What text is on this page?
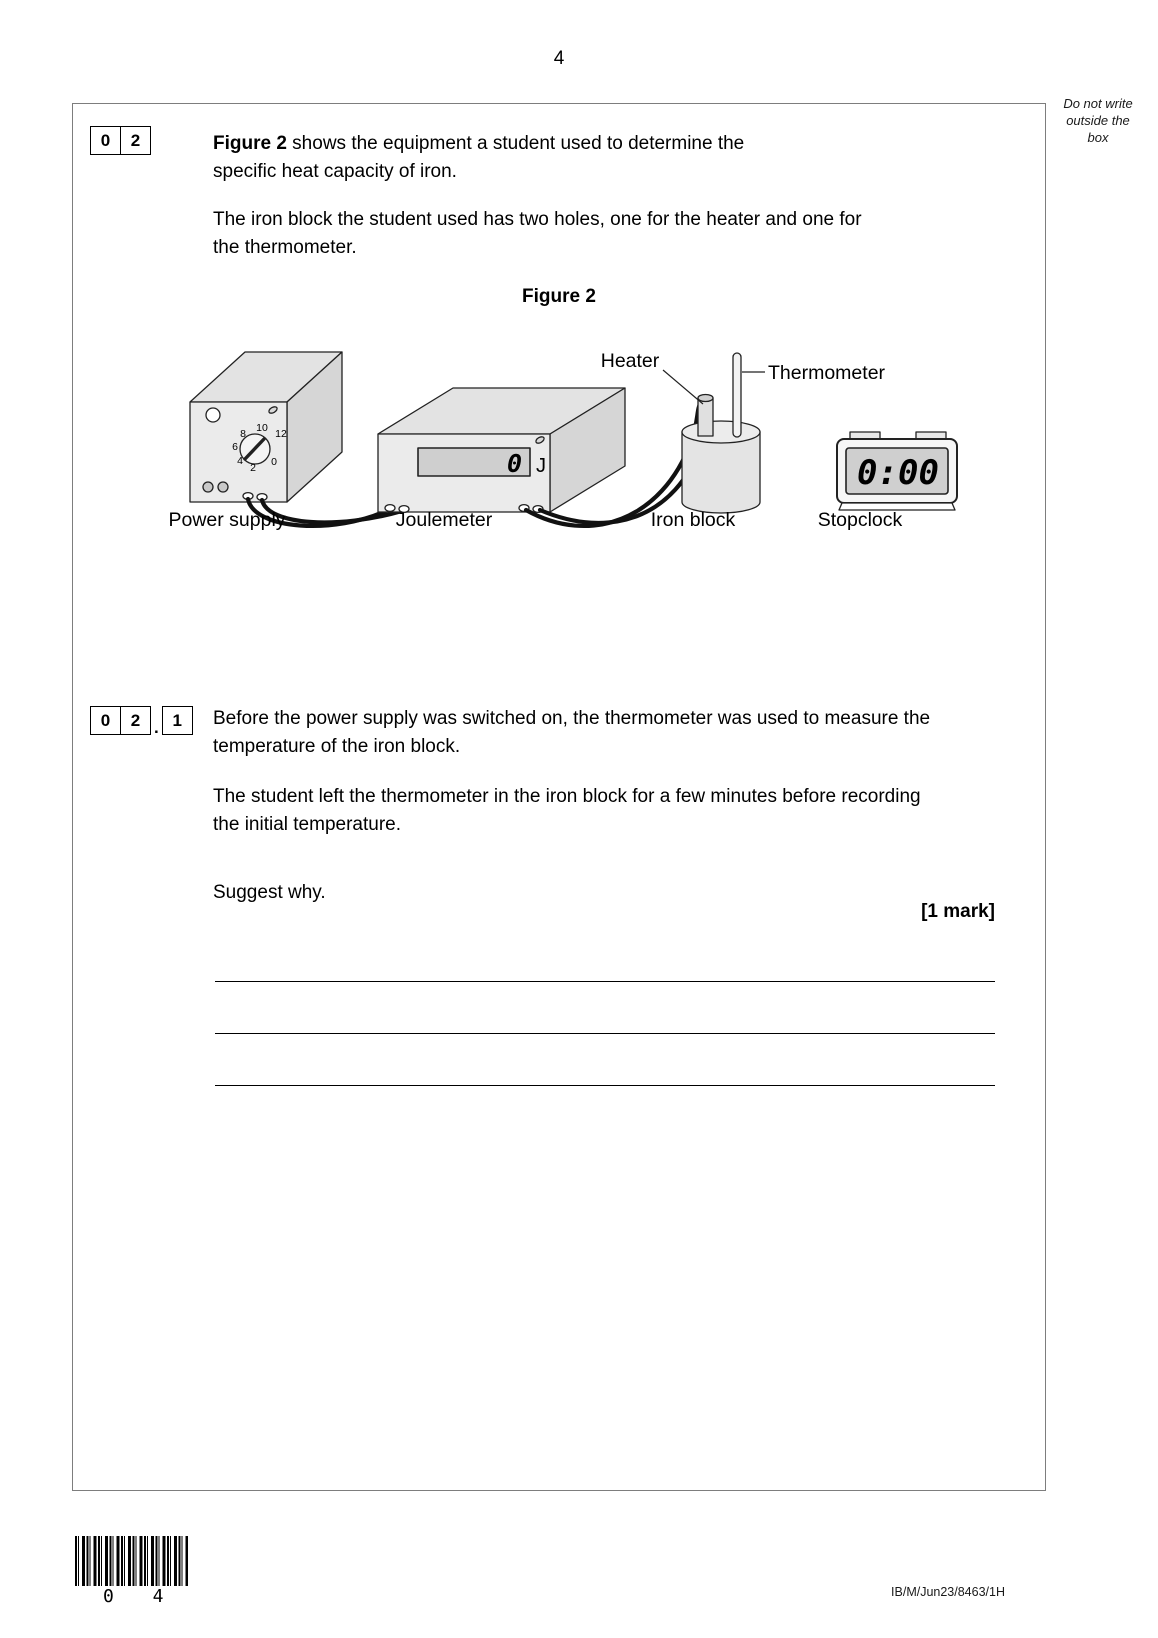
4
Do not write
outside the
box
0	2	Figure 2 shows the equipment a student used to determine the
specific heat capacity of iron.
The iron block the student used has two holes, one for the heater and one for
the thermometer.
Figure 2
8 10 12
6
4
2 0	0 J	0:00
Heater
Thermometer
Power supply	Joulemeter	Iron block	Stopclock
0	2 . 1	Before the power supply was switched on, the thermometer was used to measure the
temperature of the iron block.
The student left the thermometer in the iron block for a few minutes before recording
the initial temperature.
Suggest why.
[1 mark]
0 4	IB/M/Jun23/8463/1H
